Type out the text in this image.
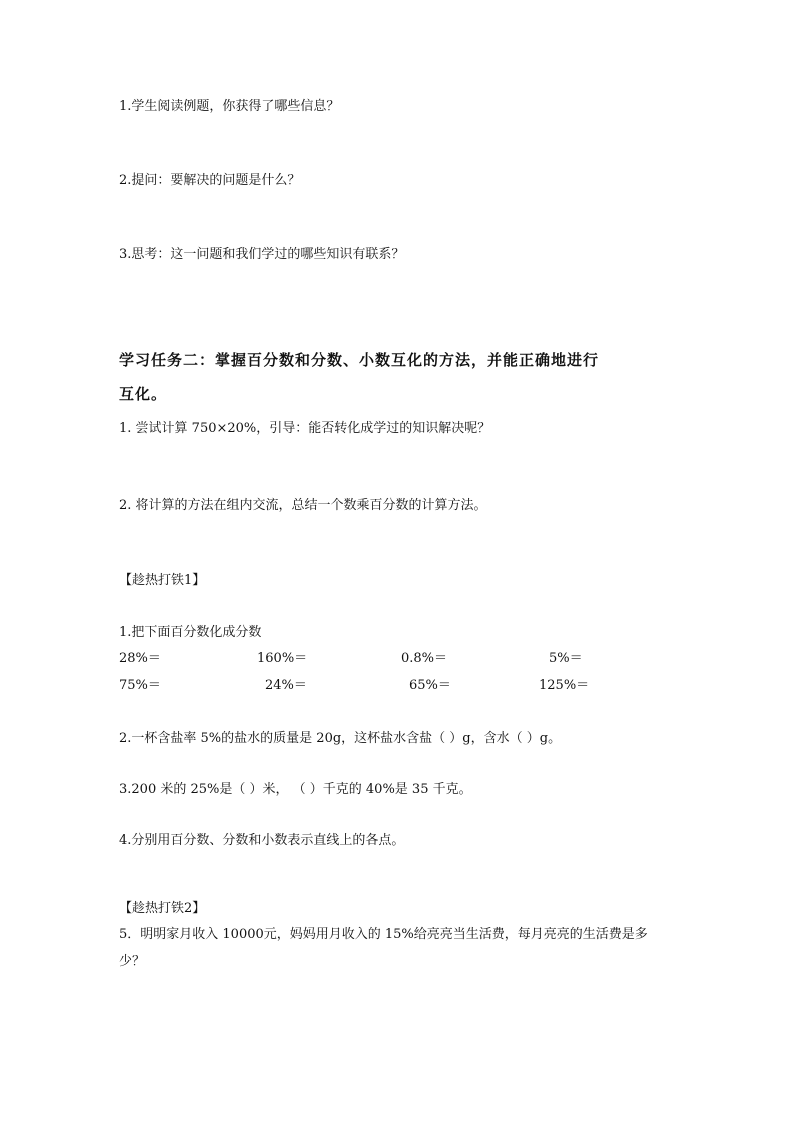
1.学生阅读例题，你获得了哪些信息？
2.提问：要解决的问题是什么？
3.思考：这一问题和我们学过的哪些知识有联系？
学习任务二：掌握百分数和分数、小数互化的方法，并能正确地进行
互化。
1. 尝试计算 750×20%，引导：能否转化成学过的知识解决呢？
2. 将计算的方法在组内交流，总结一个数乘百分数的计算方法。
【趁热打铁1】
1.把下面百分数化成分数
28%＝	160%＝	0.8%＝	5%＝
75%＝	24%＝	65%＝	125%＝
2.一杯含盐率 5%的盐水的质量是 20g，这杯盐水含盐（ ）g，含水（ ）g。
3.200 米的 25%是（ ）米， （ ）千克的 40%是 35 千克。
4.分别用百分数、分数和小数表示直线上的各点。
【趁热打铁2】
5．明明家月收入 10000元，妈妈用月收入的 15%给亮亮当生活费，每月亮亮的生活费是多
少？
